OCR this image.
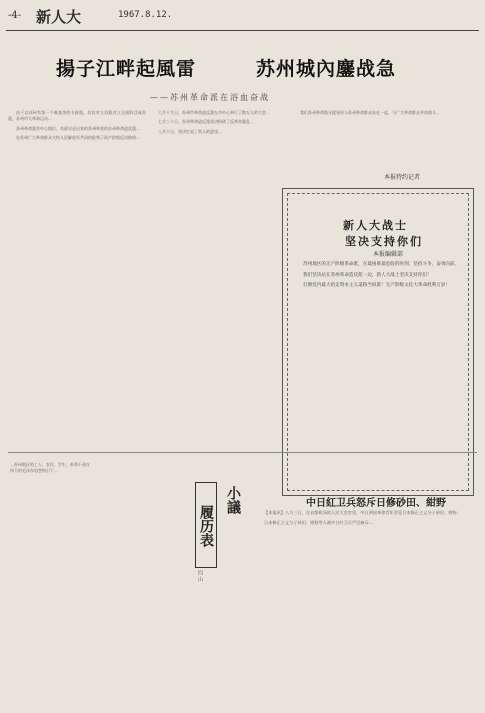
-4- 新人大	1967.8.12.
揚子江畔起風雷	苏州城內鏖战急
——苏州革命派在浴血奋战

由于以苏州有第一个被查黑的支持派。其次对立苏派对立全面的目成苏派，苏州市大革命运动...

苏州革命派有中心地位，有最早走出来的苏州和老的苏州革命造反派...

在苏州广大革命群众支持人民解放军共同的批判了资产阶级反动路线...

六月十九日，苏州市革命造反派在市中心举行了数万人的大会...

七月三十日，苏州革命造反派坚决粉碎了反革命暴乱...

八月十日，坚决打退了敌人的进攻...

我们苏州革命派支援坚决与苏州革命群众站在一起，与广大革命群众并肩战斗...

本报特约记者
新人大战士
坚决支持你们
本报编辑部

苏州地区的无产阶级革命派，在最困难最危险的时刻，坚持斗争，奋勇向前。

我们坚决站在苏州革命造反派一边，新人大战士坚决支持你们！

打倒党内最大的走资本主义道路当权派！无产阶级文化大革命胜利万岁！

...苏州地区的工人、农民、学生、革命干部在伟大的毛泽东思想指引下...
履历表
小議
四 山
中日紅卫兵怒斥日修砂田、紺野

【本报讯】八月三日，在首都机场的人民大会堂里，中日两国革命青年会见日本修正主义分子砂田、紺野。

日本修正主义分子砂田、紺野等人被中日紅卫兵严厉痛斥...
